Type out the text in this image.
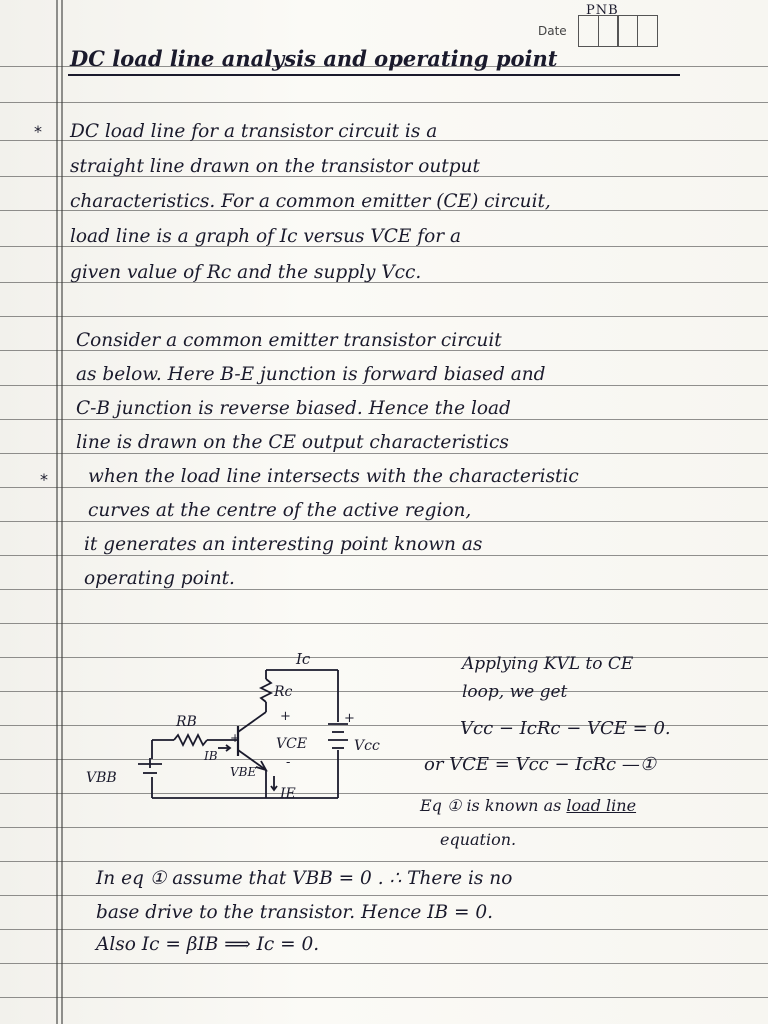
Date
PNB
DC load line analysis and operating point
*
*
DC load line for a transistor circuit is a
straight line drawn on the transistor output
characteristics. For a common emitter (CE) circuit,
load line is a graph of Ic versus VCE for a
given value of Rc and the supply Vcc.
Consider a common emitter transistor circuit
as below. Here B-E junction is forward biased and
C-B junction is reverse biased. Hence the load
line is drawn on the CE output characteristics
when the load line intersects with the characteristic
curves at the centre of the active region,
it generates an interesting point known as
operating point.
Ic
Rc
RB
IB
VCE
VBE
IE
VBB
Vcc
+
-
+
+
Applying KVL to CE
loop, we get
Vcc − IcRc − VCE = 0.
or VCE = Vcc − IcRc —①
Eq ① is known as load line
equation.
In eq ① assume that VBB = 0 . ∴ There is no
base drive to the transistor. Hence IB = 0.
Also Ic = βIB ⟹ Ic = 0.
